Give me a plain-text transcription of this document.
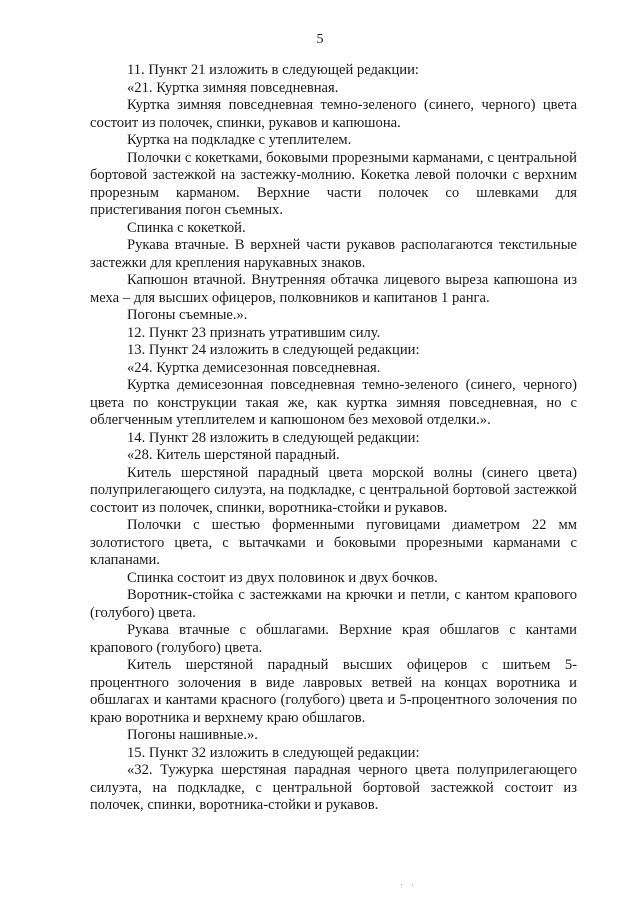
5

11. Пункт 21 изложить в следующей редакции:

«21. Куртка зимняя повседневная.

Куртка зимняя повседневная темно-зеленого (синего, черного) цвета состоит из полочек, спинки, рукавов и капюшона.

Куртка на подкладке с утеплителем.

Полочки с кокетками, боковыми прорезными карманами, с центральной бортовой застежкой на застежку-молнию. Кокетка левой полочки с верхним прорезным карманом. Верхние части полочек со шлевками для пристегивания погон съемных.

Спинка с кокеткой.

Рукава втачные. В верхней части рукавов располагаются текстильные застежки для крепления нарукавных знаков.

Капюшон втачной. Внутренняя обтачка лицевого выреза капюшона из меха – для высших офицеров, полковников и капитанов 1 ранга.

Погоны съемные.».

12. Пункт 23 признать утратившим силу.

13. Пункт 24 изложить в следующей редакции:

«24. Куртка демисезонная повседневная.

Куртка демисезонная повседневная темно-зеленого (синего, черного) цвета по конструкции такая же, как куртка зимняя повседневная, но с облегченным утеплителем и капюшоном без меховой отделки.».

14. Пункт 28 изложить в следующей редакции:

«28. Китель шерстяной парадный.

Китель шерстяной парадный цвета морской волны (синего цвета) полуприлегающего силуэта, на подкладке, с центральной бортовой застежкой состоит из полочек, спинки, воротника-стойки и рукавов.

Полочки с шестью форменными пуговицами диаметром 22 мм золотистого цвета, с вытачками и боковыми прорезными карманами с клапанами.

Спинка состоит из двух половинок и двух бочков.

Воротник-стойка с застежками на крючки и петли, с кантом крапового (голубого) цвета.

Рукава втачные с обшлагами. Верхние края обшлагов с кантами крапового (голубого) цвета.

Китель шерстяной парадный высших офицеров с шитьем 5-процентного золочения в виде лавровых ветвей на концах воротника и обшлагах и кантами красного (голубого) цвета и 5-процентного золочения по краю воротника и верхнему краю обшлагов.

Погоны нашивные.».

15. Пункт 32 изложить в следующей редакции:

«32. Тужурка шерстяная парадная черного цвета полуприлегающего силуэта, на подкладке, с центральной бортовой застежкой состоит из полочек, спинки, воротника-стойки и рукавов.

· ·
